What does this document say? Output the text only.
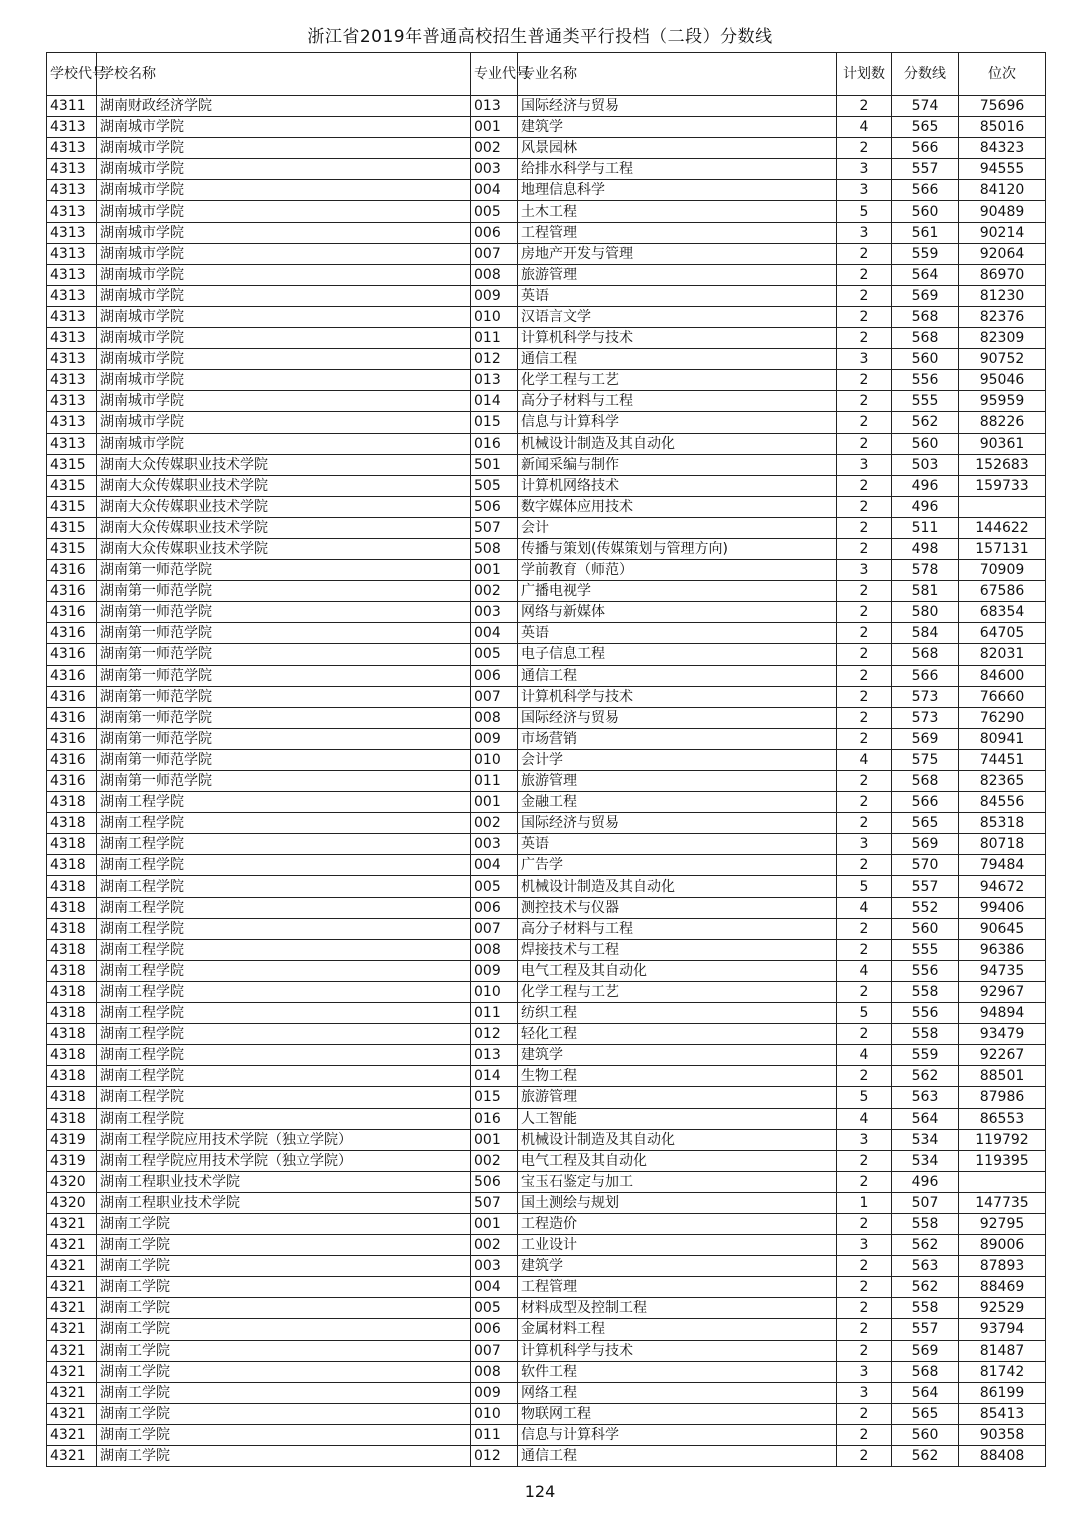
浙江省2019年普通高校招生普通类平行投档（二段）分数线
学校代号	学校名称	专业代号	专业名称	计划数	分数线	位次
4311	湖南财政经济学院	013	国际经济与贸易	2	574	75696
4313	湖南城市学院	001	建筑学	4	565	85016
4313	湖南城市学院	002	风景园林	2	566	84323
4313	湖南城市学院	003	给排水科学与工程	3	557	94555
4313	湖南城市学院	004	地理信息科学	3	566	84120
4313	湖南城市学院	005	土木工程	5	560	90489
4313	湖南城市学院	006	工程管理	3	561	90214
4313	湖南城市学院	007	房地产开发与管理	2	559	92064
4313	湖南城市学院	008	旅游管理	2	564	86970
4313	湖南城市学院	009	英语	2	569	81230
4313	湖南城市学院	010	汉语言文学	2	568	82376
4313	湖南城市学院	011	计算机科学与技术	2	568	82309
4313	湖南城市学院	012	通信工程	3	560	90752
4313	湖南城市学院	013	化学工程与工艺	2	556	95046
4313	湖南城市学院	014	高分子材料与工程	2	555	95959
4313	湖南城市学院	015	信息与计算科学	2	562	88226
4313	湖南城市学院	016	机械设计制造及其自动化	2	560	90361
4315	湖南大众传媒职业技术学院	501	新闻采编与制作	3	503	152683
4315	湖南大众传媒职业技术学院	505	计算机网络技术	2	496	159733
4315	湖南大众传媒职业技术学院	506	数字媒体应用技术	2	496	
4315	湖南大众传媒职业技术学院	507	会计	2	511	144622
4315	湖南大众传媒职业技术学院	508	传播与策划(传媒策划与管理方向)	2	498	157131
4316	湖南第一师范学院	001	学前教育（师范）	3	578	70909
4316	湖南第一师范学院	002	广播电视学	2	581	67586
4316	湖南第一师范学院	003	网络与新媒体	2	580	68354
4316	湖南第一师范学院	004	英语	2	584	64705
4316	湖南第一师范学院	005	电子信息工程	2	568	82031
4316	湖南第一师范学院	006	通信工程	2	566	84600
4316	湖南第一师范学院	007	计算机科学与技术	2	573	76660
4316	湖南第一师范学院	008	国际经济与贸易	2	573	76290
4316	湖南第一师范学院	009	市场营销	2	569	80941
4316	湖南第一师范学院	010	会计学	4	575	74451
4316	湖南第一师范学院	011	旅游管理	2	568	82365
4318	湖南工程学院	001	金融工程	2	566	84556
4318	湖南工程学院	002	国际经济与贸易	2	565	85318
4318	湖南工程学院	003	英语	3	569	80718
4318	湖南工程学院	004	广告学	2	570	79484
4318	湖南工程学院	005	机械设计制造及其自动化	5	557	94672
4318	湖南工程学院	006	测控技术与仪器	4	552	99406
4318	湖南工程学院	007	高分子材料与工程	2	560	90645
4318	湖南工程学院	008	焊接技术与工程	2	555	96386
4318	湖南工程学院	009	电气工程及其自动化	4	556	94735
4318	湖南工程学院	010	化学工程与工艺	2	558	92967
4318	湖南工程学院	011	纺织工程	5	556	94894
4318	湖南工程学院	012	轻化工程	2	558	93479
4318	湖南工程学院	013	建筑学	4	559	92267
4318	湖南工程学院	014	生物工程	2	562	88501
4318	湖南工程学院	015	旅游管理	5	563	87986
4318	湖南工程学院	016	人工智能	4	564	86553
4319	湖南工程学院应用技术学院（独立学院）	001	机械设计制造及其自动化	3	534	119792
4319	湖南工程学院应用技术学院（独立学院）	002	电气工程及其自动化	2	534	119395
4320	湖南工程职业技术学院	506	宝玉石鉴定与加工	2	496	
4320	湖南工程职业技术学院	507	国土测绘与规划	1	507	147735
4321	湖南工学院	001	工程造价	2	558	92795
4321	湖南工学院	002	工业设计	3	562	89006
4321	湖南工学院	003	建筑学	2	563	87893
4321	湖南工学院	004	工程管理	2	562	88469
4321	湖南工学院	005	材料成型及控制工程	2	558	92529
4321	湖南工学院	006	金属材料工程	2	557	93794
4321	湖南工学院	007	计算机科学与技术	2	569	81487
4321	湖南工学院	008	软件工程	3	568	81742
4321	湖南工学院	009	网络工程	3	564	86199
4321	湖南工学院	010	物联网工程	2	565	85413
4321	湖南工学院	011	信息与计算科学	2	560	90358
4321	湖南工学院	012	通信工程	2	562	88408
124
